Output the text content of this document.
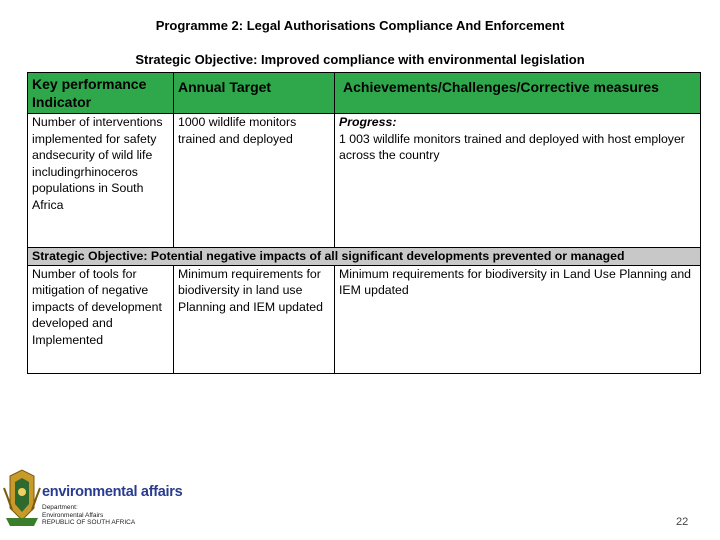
Programme 2: Legal Authorisations Compliance And Enforcement
Strategic Objective: Improved compliance with environmental legislation
Key performance Indicator	Annual Target	Achievements/Challenges/Corrective measures
Number of interventions implemented for safety andsecurity of wild life includingrhinoceros populations in South Africa	1000 wildlife monitors trained and deployed	Progress:
1 003 wildlife monitors trained and deployed with host employer across the country
Strategic Objective: Potential negative impacts of all significant developments prevented or managed		
Number of tools for mitigation of negative impacts of development developed and Implemented	Minimum requirements for biodiversity in land use Planning and IEM updated	Minimum requirements for biodiversity in Land Use Planning and IEM updated
environmental affairs
Department:
Environmental Affairs
REPUBLIC OF SOUTH AFRICA	22
